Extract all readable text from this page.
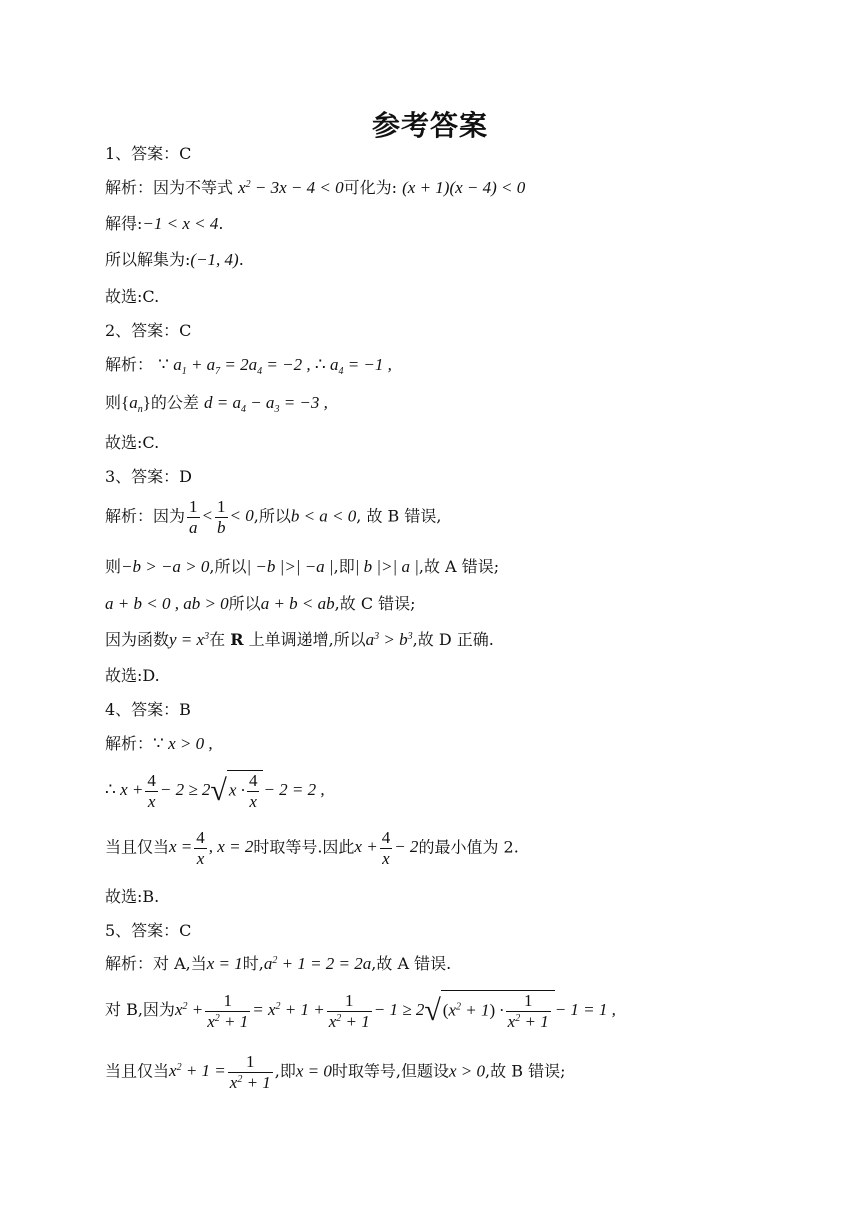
参考答案
1、答案：C
解析：因为不等式 $x^2 - 3x - 4 < 0$可化为: (x + 1)(x − 4) < 0
解得:−1 < x < 4.
所以解集为:(−1, 4).
故选:C.
2、答案：C
解析： ∵ $a_1 + a_7 = 2a_4 = -2$ , ∴ $a_4 = -1$ ,
则$\{a_n\}$的公差 $d = a_4 - a_3 = -3$ ,
故选:C.
3、答案：D
解析：因为 $\frac{1}{a} < \frac{1}{b} < 0$,所以b < a < 0, 故 B 错误,
则−b > −a > 0,所以| −b |>| −a |,即| b |>| a |,故 A 错误;
a + b < 0 , ab > 0所以a + b < ab,故 C 错误;
因为函数$y = x^3$在 R 上单调递增,所以$a^3 > b^3$,故 D 正确.
故选:D.
4、答案：B
解析：∵ x > 0 ,
∴ $x + \frac{4}{x} - 2 \ge 2√$ $x \cdot \frac{4}{x} - 2 = 2$ ,
当且仅当$x = \frac{4}{x}$ , x = 2时取等号.因此$x + \frac{4}{x} - 2$的最小值为 2.
故选:B.
5、答案：C
解析：对 A,当x = 1时$,a^2 + 1 = 2 = 2a$,故 A 错误.
对 B,因为$x^2 + \frac{1}{x^2 + 1} = x^2 + 1 + \frac{1}{x^2 + 1} - 1 \ge 2√$ $(x^2 + 1) \cdot \frac{1}{x^2 + 1} - 1 = 1$ ,
当且仅当$x^2 + 1 = \frac{1}{x^2 + 1}$ ,即x = 0时取等号,但题设x > 0,故 B 错误;
